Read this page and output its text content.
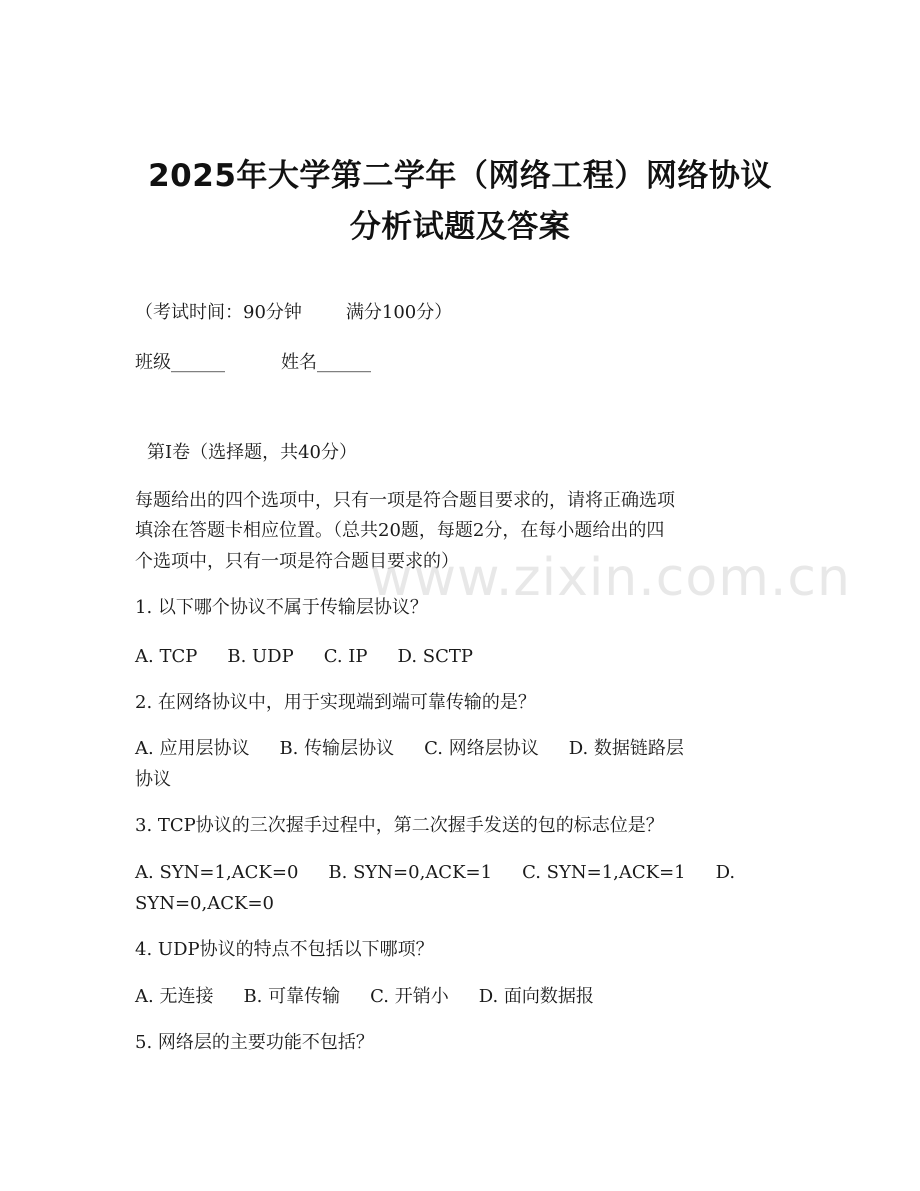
2025年大学第二学年（网络工程）网络协议
分析试题及答案
（考试时间：90分钟 满分100分）
班级______	姓名______
第Ⅰ卷（选择题，共40分）
每题给出的四个选项中，只有一项是符合题目要求的，请将正确选项
填涂在答题卡相应位置。（总共20题，每题2分，在每小题给出的四
个选项中，只有一项是符合题目要求的）
www.zixin.com.cn
1. 以下哪个协议不属于传输层协议？
A. TCP B. UDP C. IP D. SCTP
2. 在网络协议中，用于实现端到端可靠传输的是？
A. 应用层协议 B. 传输层协议 C. 网络层协议 D. 数据链路层
协议
3. TCP协议的三次握手过程中，第二次握手发送的包的标志位是？
A. SYN=1,ACK=0 B. SYN=0,ACK=1 C. SYN=1,ACK=1 D.
SYN=0,ACK=0
4. UDP协议的特点不包括以下哪项？
A. 无连接 B. 可靠传输 C. 开销小 D. 面向数据报
5. 网络层的主要功能不包括？
